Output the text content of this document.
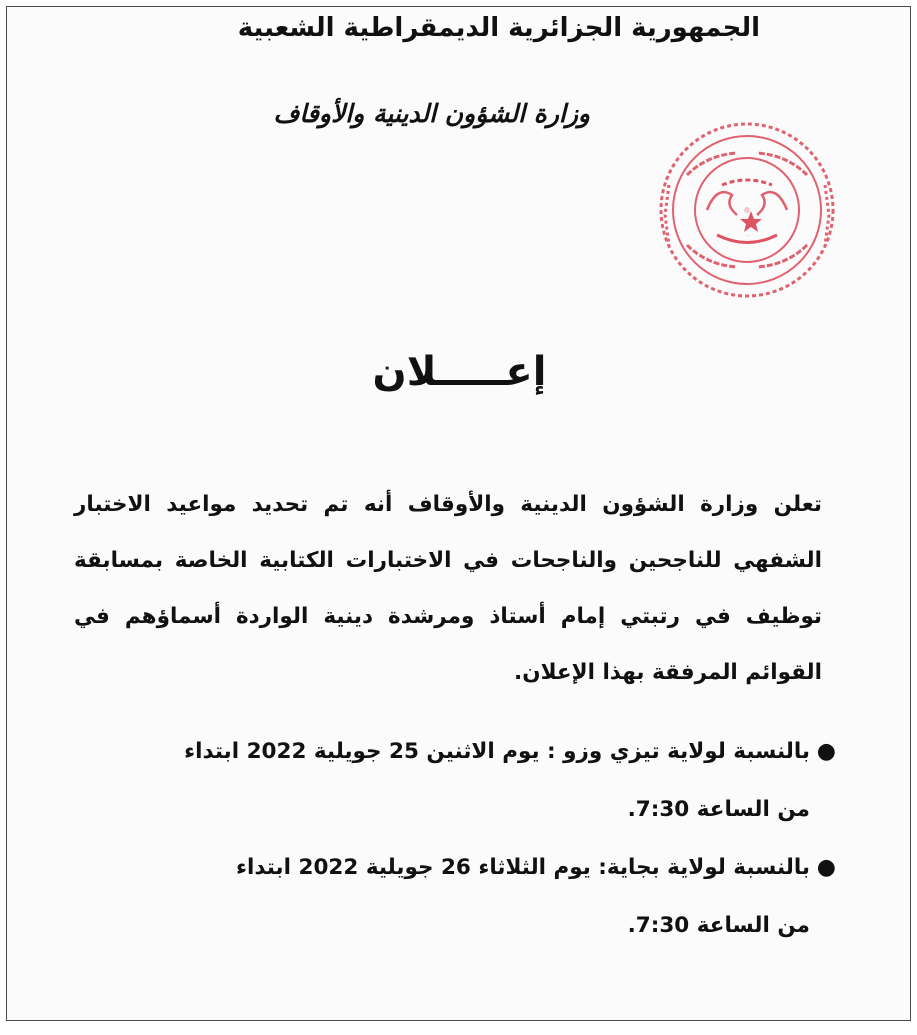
الجمهورية الجزائرية الديمقراطية الشعبية
وزارة الشؤون الدينية والأوقاف
إعـــــلان
تعلن وزارة الشؤون الدينية والأوقاف أنه تم تحديد مواعيد الاختبار الشفهي للناجحين والناجحات في الاختبارات الكتابية الخاصة بمسابقة توظيف في رتبتي إمام أستاذ ومرشدة دينية الواردة أسماؤهم في القوائم المرفقة بهذا الإعلان.
●
بالنسبة لولاية تيزي وزو : يوم الاثنين 25 جويلية 2022 ابتداء
من الساعة 7:30.
●
بالنسبة لولاية بجاية: يوم الثلاثاء 26 جويلية 2022 ابتداء
من الساعة 7:30.
